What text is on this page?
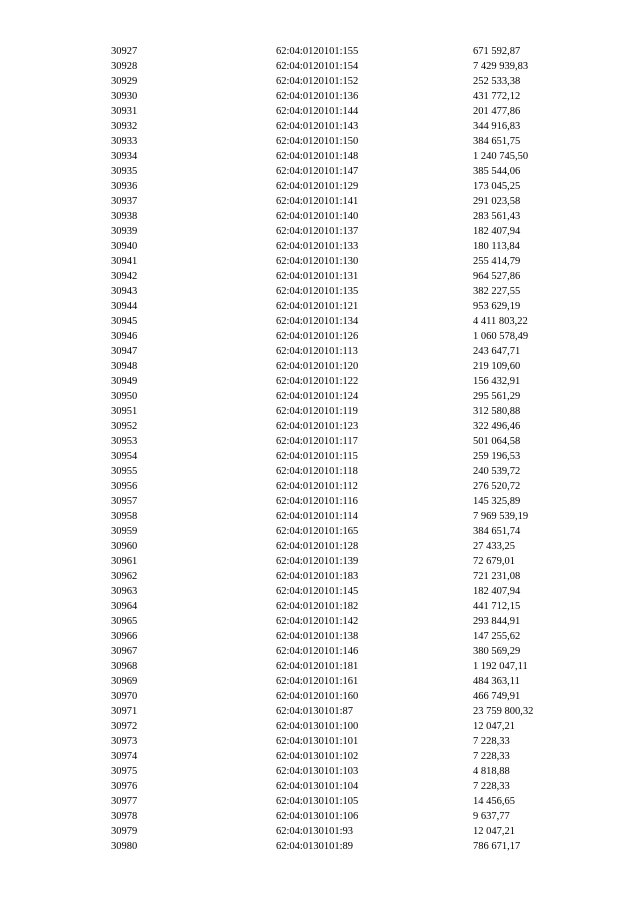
30927	62:04:0120101:155	671 592,87
30928	62:04:0120101:154	7 429 939,83
30929	62:04:0120101:152	252 533,38
30930	62:04:0120101:136	431 772,12
30931	62:04:0120101:144	201 477,86
30932	62:04:0120101:143	344 916,83
30933	62:04:0120101:150	384 651,75
30934	62:04:0120101:148	1 240 745,50
30935	62:04:0120101:147	385 544,06
30936	62:04:0120101:129	173 045,25
30937	62:04:0120101:141	291 023,58
30938	62:04:0120101:140	283 561,43
30939	62:04:0120101:137	182 407,94
30940	62:04:0120101:133	180 113,84
30941	62:04:0120101:130	255 414,79
30942	62:04:0120101:131	964 527,86
30943	62:04:0120101:135	382 227,55
30944	62:04:0120101:121	953 629,19
30945	62:04:0120101:134	4 411 803,22
30946	62:04:0120101:126	1 060 578,49
30947	62:04:0120101:113	243 647,71
30948	62:04:0120101:120	219 109,60
30949	62:04:0120101:122	156 432,91
30950	62:04:0120101:124	295 561,29
30951	62:04:0120101:119	312 580,88
30952	62:04:0120101:123	322 496,46
30953	62:04:0120101:117	501 064,58
30954	62:04:0120101:115	259 196,53
30955	62:04:0120101:118	240 539,72
30956	62:04:0120101:112	276 520,72
30957	62:04:0120101:116	145 325,89
30958	62:04:0120101:114	7 969 539,19
30959	62:04:0120101:165	384 651,74
30960	62:04:0120101:128	27 433,25
30961	62:04:0120101:139	72 679,01
30962	62:04:0120101:183	721 231,08
30963	62:04:0120101:145	182 407,94
30964	62:04:0120101:182	441 712,15
30965	62:04:0120101:142	293 844,91
30966	62:04:0120101:138	147 255,62
30967	62:04:0120101:146	380 569,29
30968	62:04:0120101:181	1 192 047,11
30969	62:04:0120101:161	484 363,11
30970	62:04:0120101:160	466 749,91
30971	62:04:0130101:87	23 759 800,32
30972	62:04:0130101:100	12 047,21
30973	62:04:0130101:101	7 228,33
30974	62:04:0130101:102	7 228,33
30975	62:04:0130101:103	4 818,88
30976	62:04:0130101:104	7 228,33
30977	62:04:0130101:105	14 456,65
30978	62:04:0130101:106	9 637,77
30979	62:04:0130101:93	12 047,21
30980	62:04:0130101:89	786 671,17
